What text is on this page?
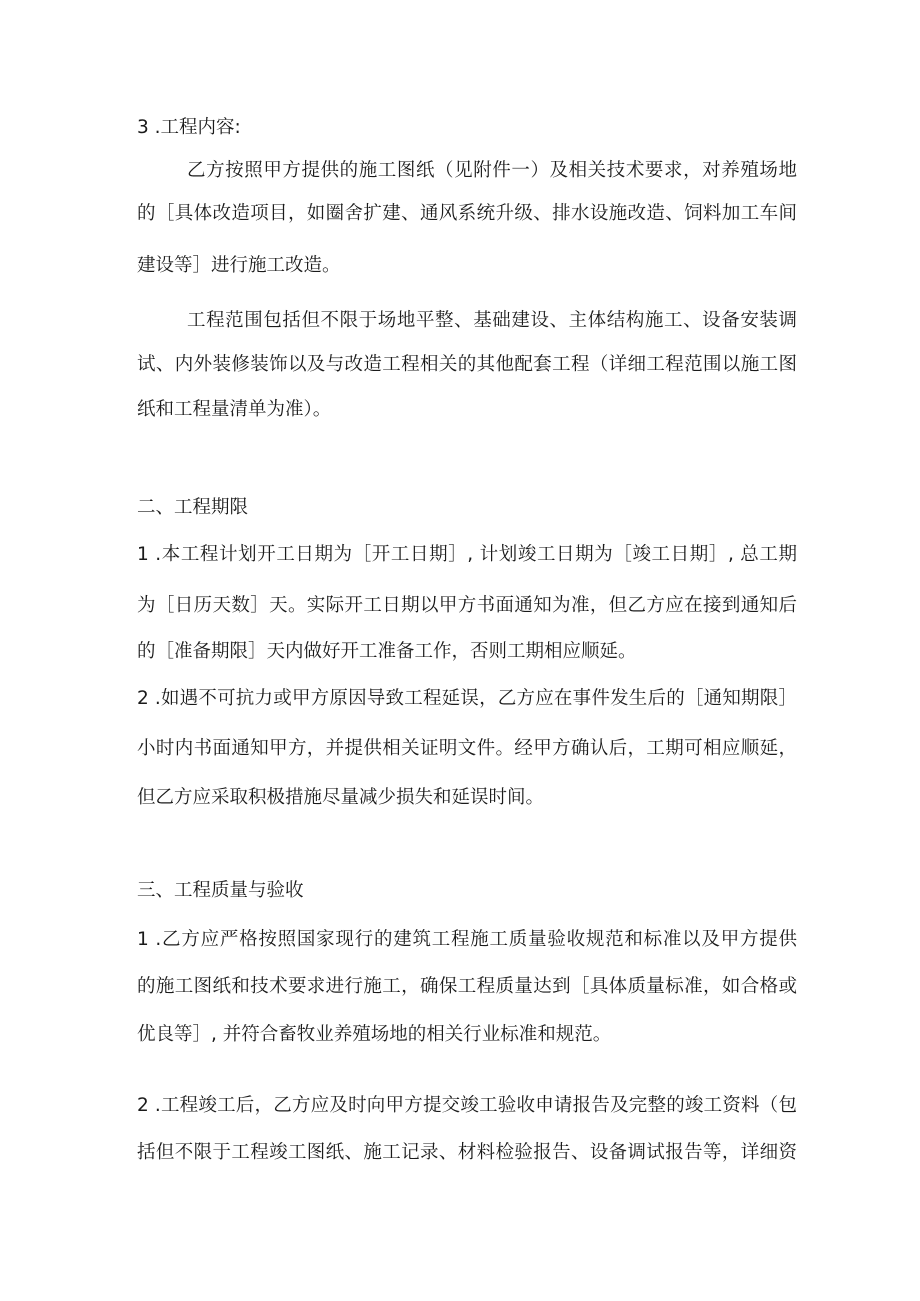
3 .工程内容:
乙方按照甲方提供的施工图纸（见附件一）及相关技术要求，对养殖场地
的［具体改造项目，如圈舍扩建、通风系统升级、排水设施改造、饲料加工车间
建设等］进行施工改造。
工程范围包括但不限于场地平整、基础建设、主体结构施工、设备安装调
试、内外装修装饰以及与改造工程相关的其他配套工程（详细工程范围以施工图
纸和工程量清单为准）。
二、工程期限
1 .本工程计划开工日期为［开工日期］, 计划竣工日期为［竣工日期］, 总工期
为［日历天数］天。实际开工日期以甲方书面通知为准，但乙方应在接到通知后
的［准备期限］天内做好开工准备工作，否则工期相应顺延。
2 .如遇不可抗力或甲方原因导致工程延误，乙方应在事件发生后的［通知期限］
小时内书面通知甲方，并提供相关证明文件。经甲方确认后，工期可相应顺延，
但乙方应采取积极措施尽量减少损失和延误时间。
三、工程质量与验收
1 .乙方应严格按照国家现行的建筑工程施工质量验收规范和标准以及甲方提供
的施工图纸和技术要求进行施工，确保工程质量达到［具体质量标准，如合格或
优良等］, 并符合畜牧业养殖场地的相关行业标准和规范。
2 .工程竣工后，乙方应及时向甲方提交竣工验收申请报告及完整的竣工资料（包
括但不限于工程竣工图纸、施工记录、材料检验报告、设备调试报告等，详细资
